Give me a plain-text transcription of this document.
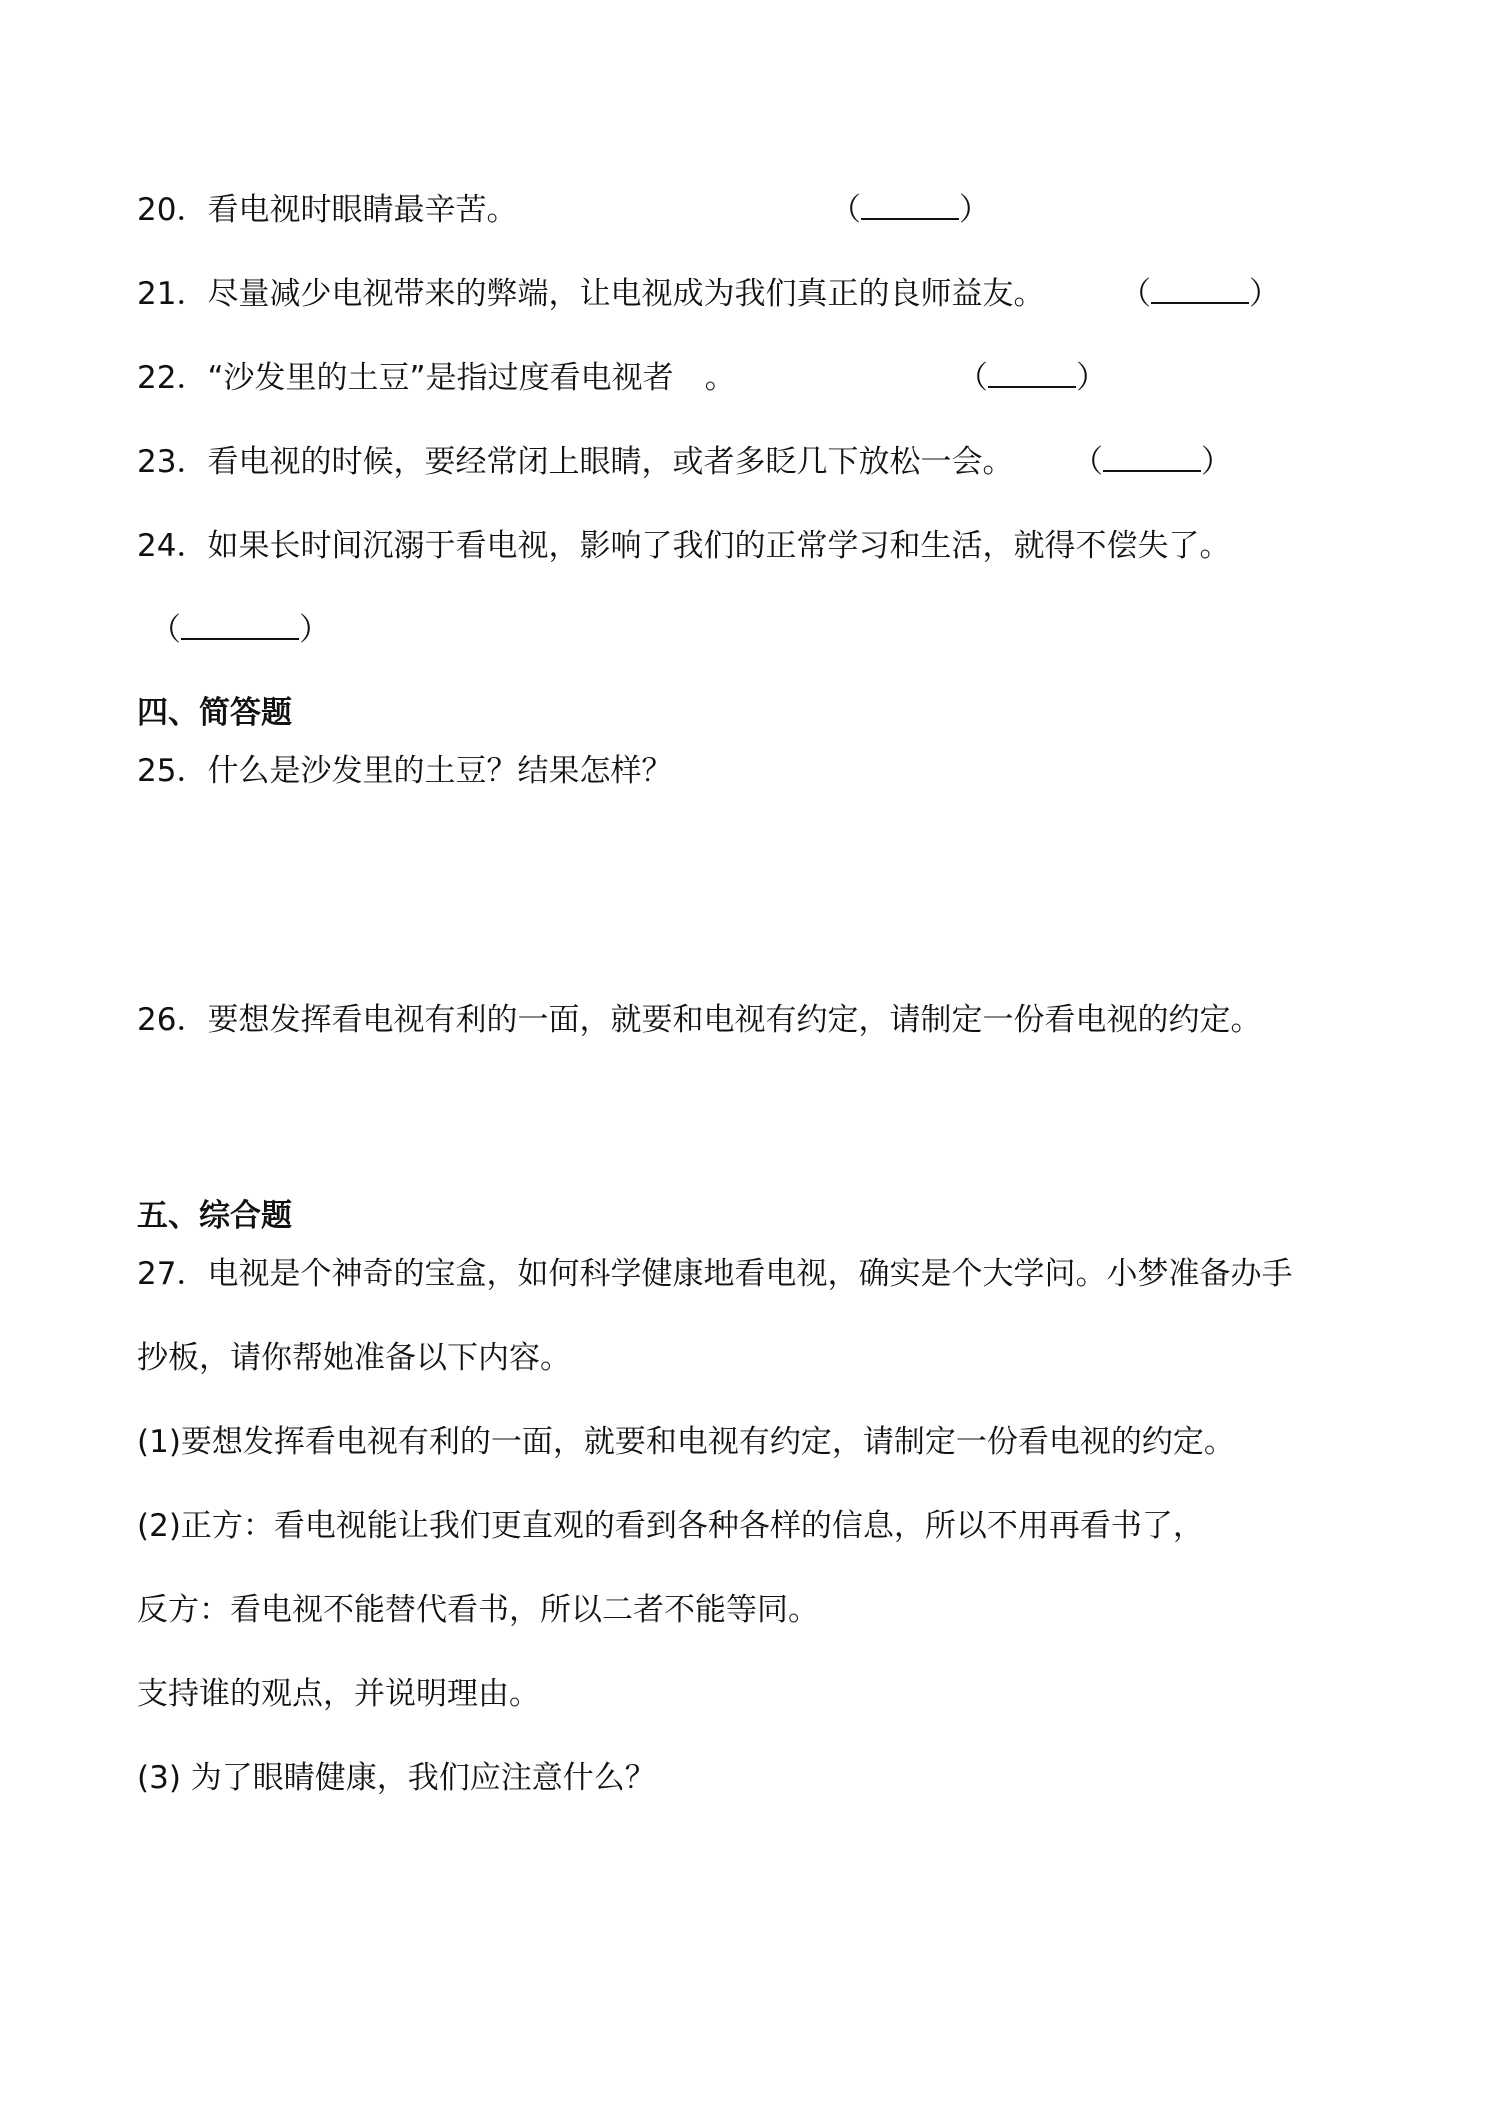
20．看电视时眼睛最辛苦。	（	）
21．尽量减少电视带来的弊端，让电视成为我们真正的良师益友。 （	）
22．“沙发里的土豆”是指过度看电视者　。	（	）
23．看电视的时候，要经常闭上眼睛，或者多眨几下放松一会。 （	）
24．如果长时间沉溺于看电视，影响了我们的正常学习和生活，就得不偿失了。
（	）
四、简答题
25．什么是沙发里的土豆？结果怎样？
26．要想发挥看电视有利的一面，就要和电视有约定，请制定一份看电视的约定。
五、综合题
27．电视是个神奇的宝盒，如何科学健康地看电视，确实是个大学问。小梦准备办手
抄板，请你帮她准备以下内容。
(1)要想发挥看电视有利的一面，就要和电视有约定，请制定一份看电视的约定。
(2)正方：看电视能让我们更直观的看到各种各样的信息，所以不用再看书了，
反方：看电视不能替代看书，所以二者不能等同。
支持谁的观点，并说明理由。
(3) 为了眼睛健康，我们应注意什么？
